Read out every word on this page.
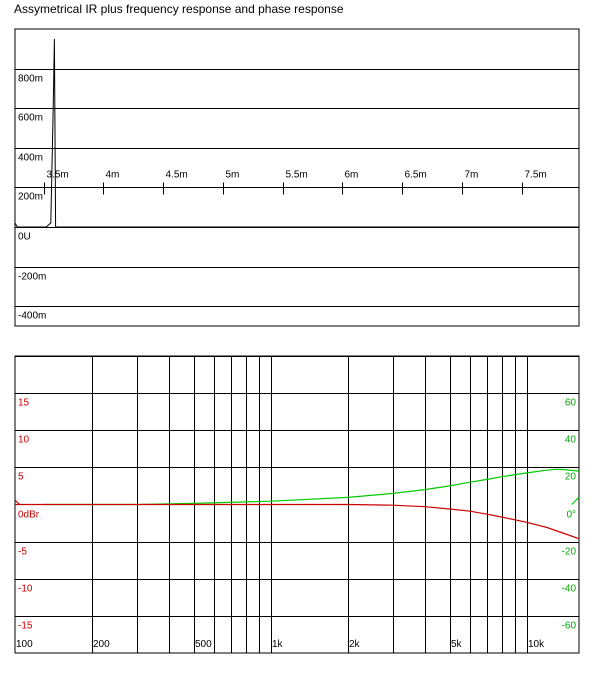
Assymetrical IR plus frequency response and phase response
800m
600m
400m
200m
0U
-200m
-400m
3.5m	4m	4.5m	5m	5.5m	6m	6.5m	7m	7.5m
15
10
5
0dBr
-5
-10
-15
60
40
20
0°
-20
-40
-60
100	200	500	1k	2k	5k	10k
